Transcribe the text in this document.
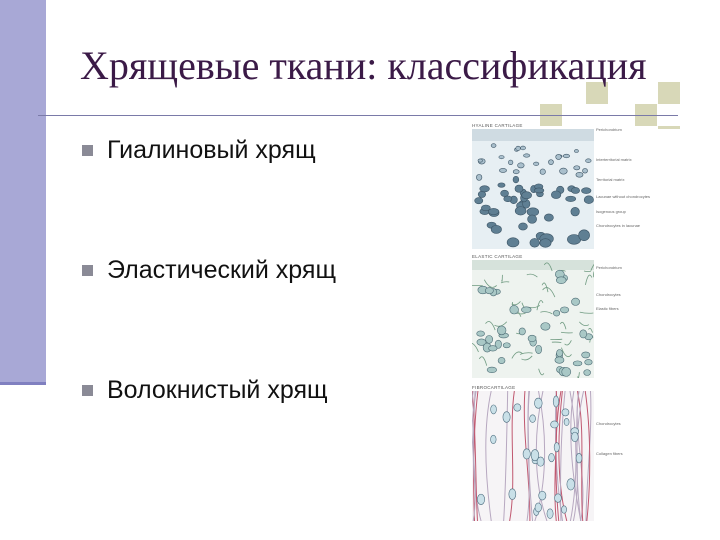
Хрящевые ткани: классификация
Гиалиновый хрящ
Эластический хрящ
Волокнистый хрящ
HYALINE CARTILAGE
Perichondrium
Interterritorial matrix
Territorial matrix
Lacunae without chondrocytes
Isogenous group
Chondrocytes in lacunae
ELASTIC CARTILAGE
Perichondrium
Chondrocytes
Elastic fibers
FIBROCARTILAGE
Chondrocytes
Collagen fibers
